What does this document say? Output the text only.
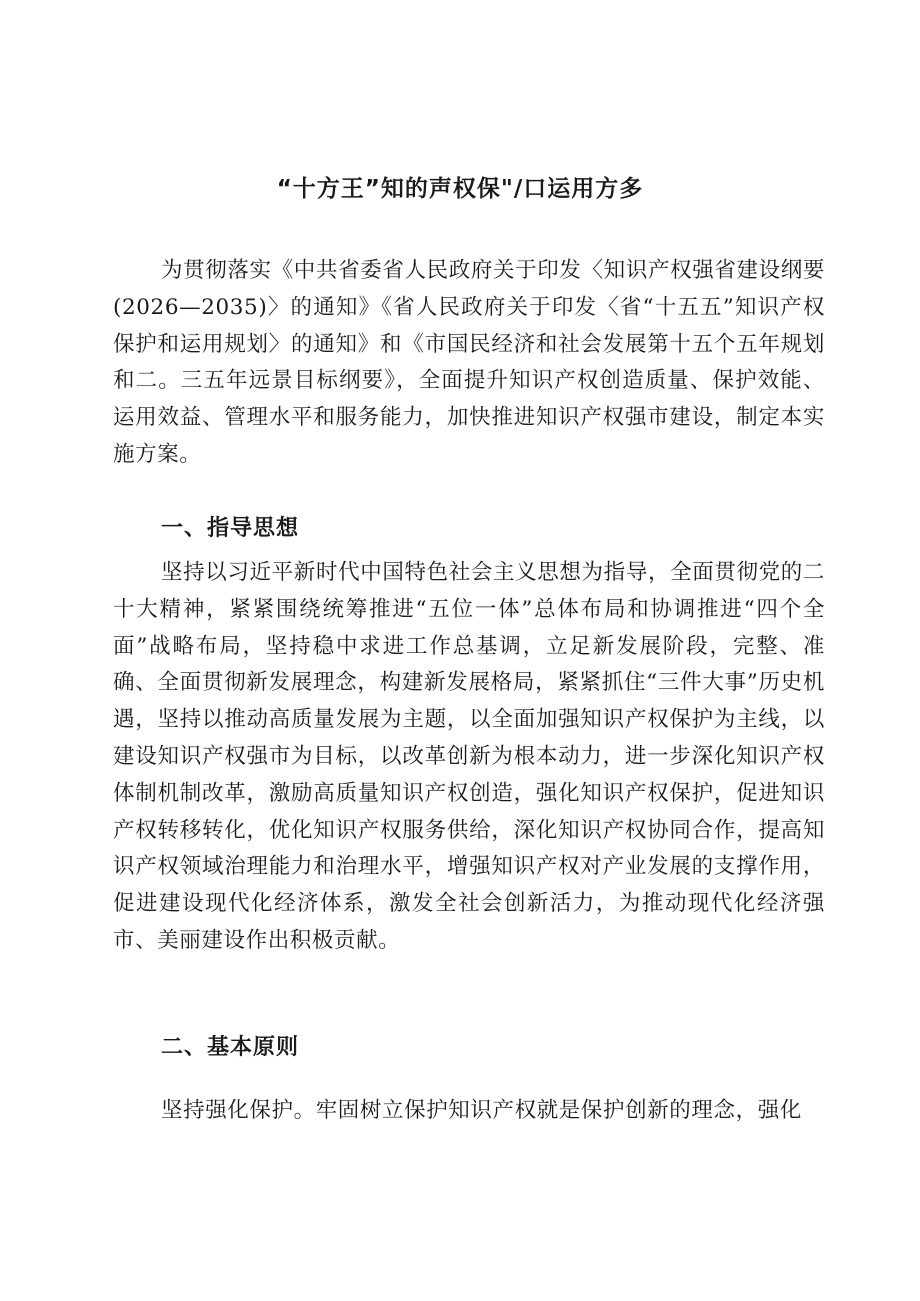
“十方王”知的声权保"/口运用方多

为贯彻落实《中共省委省人民政府关于印发〈知识产权强省建设纲要(2026—2035)〉的通知》《省人民政府关于印发〈省“十五五”知识产权保护和运用规划〉的通知》和《市国民经济和社会发展第十五个五年规划和二。三五年远景目标纲要》，全面提升知识产权创造质量、保护效能、运用效益、管理水平和服务能力，加快推进知识产权强市建设，制定本实施方案。

一、指导思想

坚持以习近平新时代中国特色社会主义思想为指导，全面贯彻党的二十大精神，紧紧围绕统筹推进“五位一体”总体布局和协调推进“四个全面”战略布局，坚持稳中求进工作总基调，立足新发展阶段，完整、准确、全面贯彻新发展理念，构建新发展格局，紧紧抓住“三件大事”历史机遇，坚持以推动高质量发展为主题，以全面加强知识产权保护为主线，以建设知识产权强市为目标，以改革创新为根本动力，进一步深化知识产权体制机制改革，激励高质量知识产权创造，强化知识产权保护，促进知识产权转移转化，优化知识产权服务供给，深化知识产权协同合作，提高知识产权领域治理能力和治理水平，增强知识产权对产业发展的支撑作用，促进建设现代化经济体系，激发全社会创新活力，为推动现代化经济强市、美丽建设作出积极贡献。

二、基本原则

坚持强化保护。牢固树立保护知识产权就是保护创新的理念，强化
